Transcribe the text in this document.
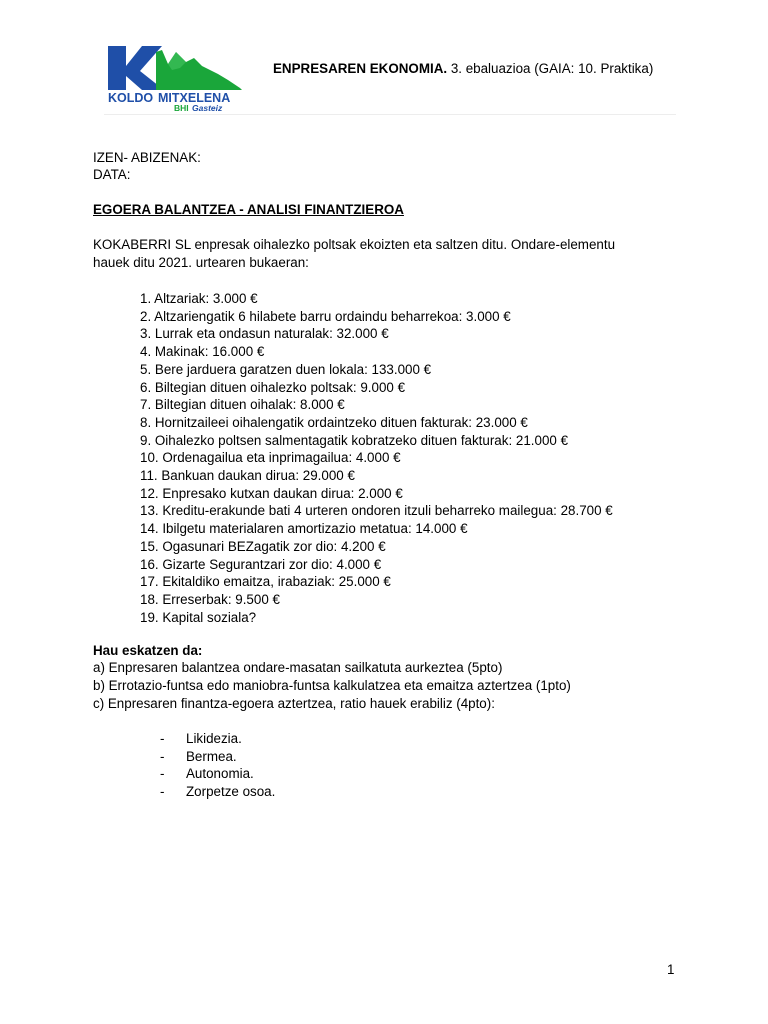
KOLDO MITXELENA
BHI Gasteiz
ENPRESAREN EKONOMIA. 3. ebaluazioa (GAIA: 10. Praktika)
IZEN- ABIZENAK:
DATA:
EGOERA BALANTZEA - ANALISI FINANTZIEROA
KOKABERRI SL enpresak oihalezko poltsak ekoizten eta saltzen ditu. Ondare-elementu
hauek ditu 2021. urtearen bukaeran:
1. Altzariak: 3.000 €
2. Altzariengatik 6 hilabete barru ordaindu beharrekoa: 3.000 €
3. Lurrak eta ondasun naturalak: 32.000 €
4. Makinak: 16.000 €
5. Bere jarduera garatzen duen lokala: 133.000 €
6. Biltegian dituen oihalezko poltsak: 9.000 €
7. Biltegian dituen oihalak: 8.000 €
8. Hornitzaileei oihalengatik ordaintzeko dituen fakturak: 23.000 €
9. Oihalezko poltsen salmentagatik kobratzeko dituen fakturak: 21.000 €
10. Ordenagailua eta inprimagailua: 4.000 €
11. Bankuan daukan dirua: 29.000 €
12. Enpresako kutxan daukan dirua: 2.000 €
13. Kreditu-erakunde bati 4 urteren ondoren itzuli beharreko mailegua: 28.700 €
14. Ibilgetu materialaren amortizazio metatua: 14.000 €
15. Ogasunari BEZagatik zor dio: 4.200 €
16. Gizarte Segurantzari zor dio: 4.000 €
17. Ekitaldiko emaitza, irabaziak: 25.000 €
18. Erreserbak: 9.500 €
19. Kapital soziala?
Hau eskatzen da:
a) Enpresaren balantzea ondare-masatan sailkatuta aurkeztea (5pto)
b) Errotazio-funtsa edo maniobra-funtsa kalkulatzea eta emaitza aztertzea (1pto)
c) Enpresaren finantza-egoera aztertzea, ratio hauek erabiliz (4pto):
- Likidezia.
- Bermea.
- Autonomia.
- Zorpetze osoa.
1
